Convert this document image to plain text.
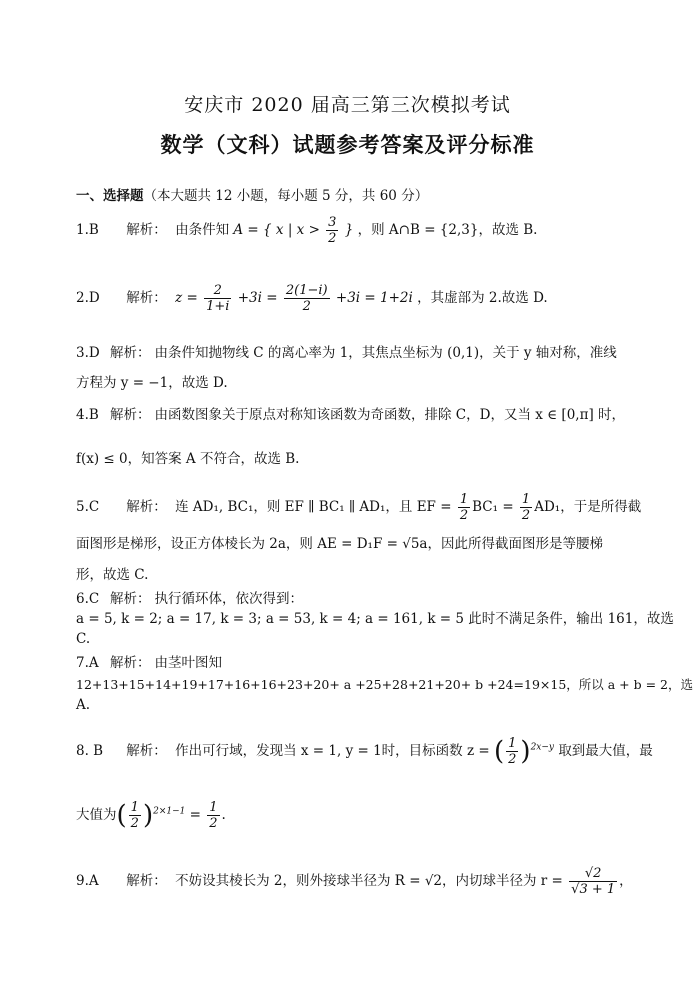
安庆市 2020 届高三第三次模拟考试
数学（文科）试题参考答案及评分标准
一、选择题（本大题共 12 小题，每小题 5 分，共 60 分）
1.B 解析： 由条件知 A = { x | $x > \frac{3}{2}$ } ，则 A∩B = {2,3}，故选 B.
2.D 解析： $z = \frac{2}{1+i} +3i = \frac{2(1-i)}{2} +3i = 1+2i$ ，其虚部为 2.故选 D.
3.D 解析： 由条件知抛物线 C 的离心率为 1，其焦点坐标为 (0,1)，关于 y 轴对称，准线
方程为 y = −1，故选 D.
4.B 解析： 由函数图象关于原点对称知该函数为奇函数，排除 C，D，又当 x ∈ [0,π] 时，
f(x) ≤ 0，知答案 A 不符合，故选 B.
5.C 解析： 连 AD₁, BC₁，则 EF ∥ BC₁ ∥ AD₁，且 EF = $\frac{1}{2} BC_1 = \frac{1}{2} AD_1$，于是所得截
面图形是梯形，设正方体棱长为 2a，则 AE = D₁F = √5a，因此所得截面图形是等腰梯
形，故选 C.
6.C 解析： 执行循环体，依次得到：
a = 5, k = 2; a = 17, k = 3; a = 53, k = 4; a = 161, k = 5 此时不满足条件，输出 161，故选
C.
7.A 解析： 由茎叶图知
12+13+15+14+19+17+16+16+23+20+ a +25+28+21+20+ b +24=19×15，所以 a + b = 2，选
A.
8. B 解析： 作出可行域，发现当 x = 1, y = 1时，目标函数 z = ( $\frac{1}{2} )^{2x-y}$ 取到最大值，最
大值为( $\frac{1}{2} )^{2\times 1-1} = \frac{1}{2}$ .
9.A 解析： 不妨设其棱长为 2，则外接球半径为 R = √2，内切球半径为 $r = \frac{√2}{√3 + 1}$ ，
